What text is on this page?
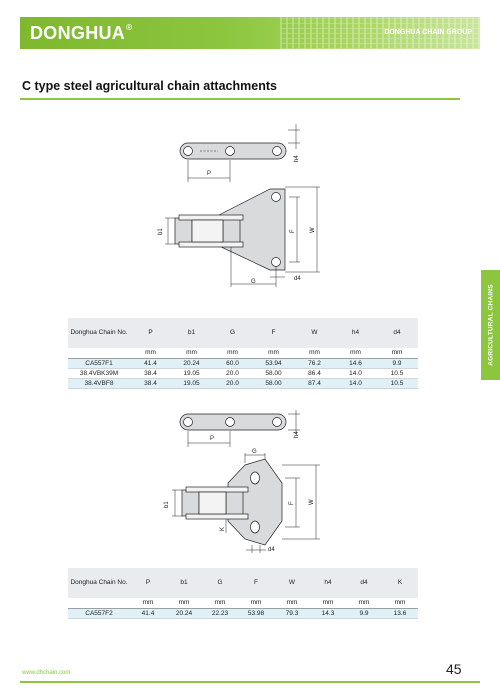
DONGHUA®
DONGHUA CHAIN GROUP
C type steel agricultural chain attachments
AGRICULTURAL CHAINS
P
h4
b1	F W
G	d4
Donghua Chain No.	P	b1	G	F	W	h4	d4
	mm	mm	mm	mm	mm	mm	mm
CA557F1	41.4	20.24	60.0	53.94	76.2	14.6	9.9
38.4VBK39M	38.4	19.05	20.0	58.00	86.4	14.0	10.5
38.4VBF8	38.4	19.05	20.0	58.00	87.4	14.0	10.5
P
h4
G
b1	F W
K
d4
Donghua Chain No.	P	b1	G	F	W	h4	d4	K
	mm	mm	mm	mm	mm	mm	mm	mm
CA557F2	41.4	20.24	22.23	53.98	79.3	14.3	9.9	13.6
www.dhchain.com	45
